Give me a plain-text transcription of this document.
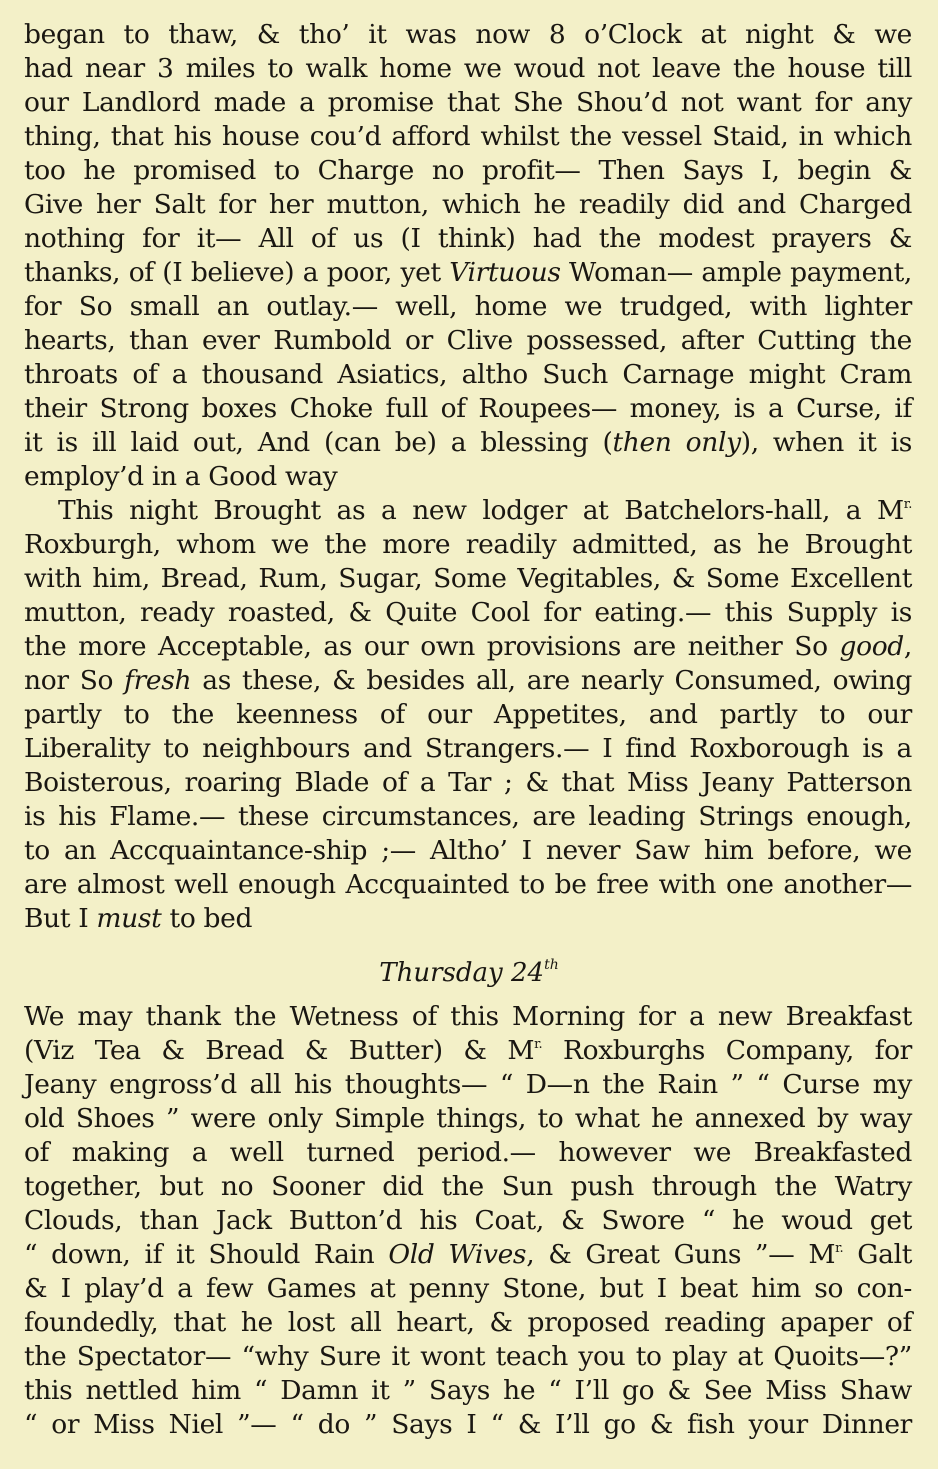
began to thaw, & tho’ it was now 8 o’Clock at night & we
had near 3 miles to walk home we woud not leave the house till
our Landlord made a promise that She Shou’d not want for any
thing, that his house cou’d afford whilst the vessel Staid, in which
too he promised to Charge no profit— Then Says I, begin &
Give her Salt for her mutton, which he readily did and Charged
nothing for it— All of us (I think) had the modest prayers &
thanks, of (I believe) a poor, yet Virtuous Woman— ample payment,
for So small an outlay.— well, home we trudged, with lighter
hearts, than ever Rumbold or Clive possessed, after Cutting the
throats of a thousand Asiatics, altho Such Carnage might Cram
their Strong boxes Choke full of Roupees— money, is a Curse, if
it is ill laid out, And (can be) a blessing (then only), when it is
employ’d in a Good way
This night Brought as a new lodger at Batchelors-hall, a $M^{r.}$
Roxburgh, whom we the more readily admitted, as he Brought
with him, Bread, Rum, Sugar, Some Vegitables, & Some Excellent
mutton, ready roasted, & Quite Cool for eating.— this Supply is
the more Acceptable, as our own provisions are neither So good,
nor So fresh as these, & besides all, are nearly Consumed, owing
partly to the keenness of our Appetites, and partly to our
Liberality to neighbours and Strangers.— I find Roxborough is a
Boisterous, roaring Blade of a Tar ; & that Miss Jeany Patterson
is his Flame.— these circumstances, are leading Strings enough,
to an Accquaintance-ship ;— Altho’ I never Saw him before, we
are almost well enough Accquainted to be free with one another—
But I must to bed
Thursday 24th
We may thank the Wetness of this Morning for a new Breakfast
(Viz Tea & Bread & Butter) & $M^{r.}$ Roxburghs Company, for
Jeany engross’d all his thoughts— “ D—n the Rain ” “ Curse my
old Shoes ” were only Simple things, to what he annexed by way
of making a well turned period.— however we Breakfasted
together, but no Sooner did the Sun push through the Watry
Clouds, than Jack Button’d his Coat, & Swore “ he woud get
“ down, if it Should Rain Old Wives, & Great Guns ”— $M^{r.}$ Galt
& I play’d a few Games at penny Stone, but I beat him so con-
foundedly, that he lost all heart, & proposed reading apaper of
the Spectator— “why Sure it wont teach you to play at Quoits—?”
this nettled him “ Damn it ” Says he “ I’ll go & See Miss Shaw
“ or Miss Niel ”— “ do ” Says I “ & I’ll go & fish your Dinner
